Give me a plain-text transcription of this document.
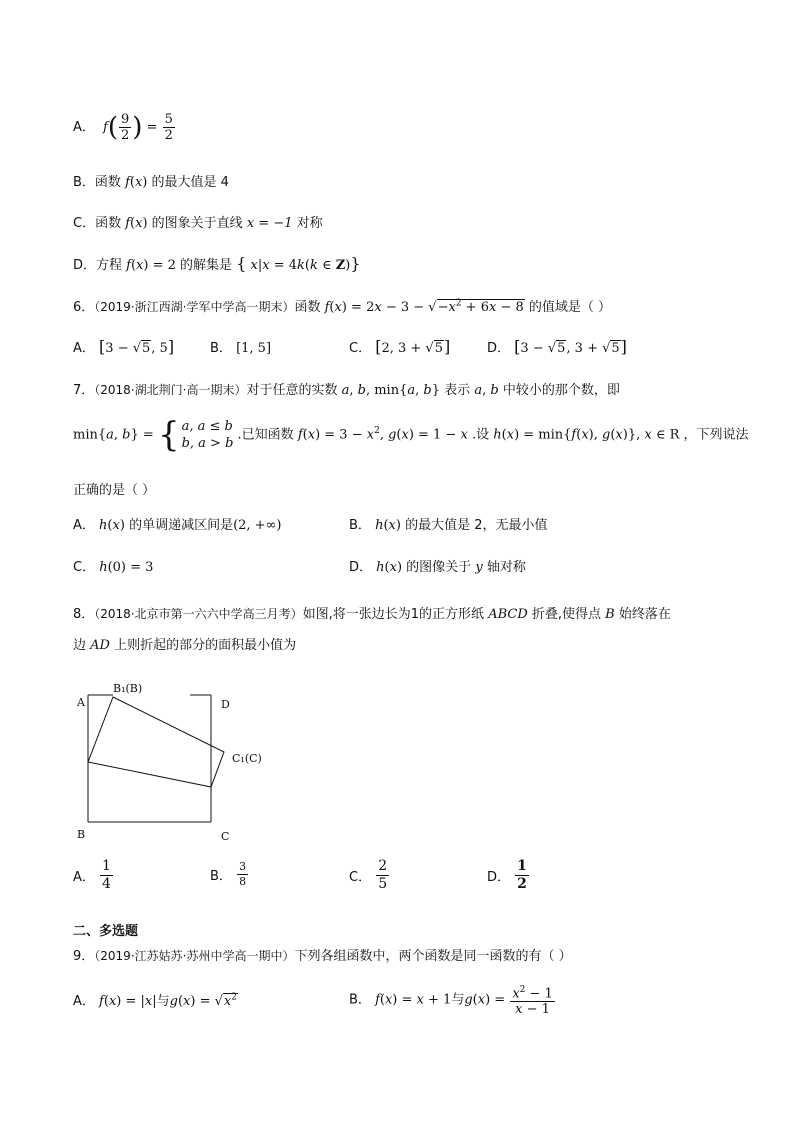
A． $f( \frac{9}{2}$ ) = $\frac{5}{2}$
B．函数 f(x) 的最大值是 4
C．函数 f(x) 的图象关于直线 x = −1 对称
D．方程 f(x) = 2 的解集是 { x|x = 4k(k ∈ Z)}
6．（2019·浙江西湖·学军中学高一期末）函数 $f(x) = 2x - 3 - √-x^2 + 6x - 8$ 的值域是（ ）
A． [3 − √5, 5]	B． [1, 5]	C． [2, 3 + √5]	D． [3 − √5, 3 + √5]
7．（2018·湖北荆门·高一期末）对于任意的实数 a, b, min{a, b} 表示 a, b 中较小的那个数，即
min{a, b} = { a, a ≤ b
b, a > b
.已知函数 $f(x) = 3 - x^2$, g(x) = 1 − x .设 h(x) = min{f(x), g(x)}, x ∈ R ，下列说法
正确的是（ ）
A． h(x) 的单调递减区间是(2, +∞)	B． h(x) 的最大值是 2，无最小值
C． h(0) = 3	D． h(x) 的图像关于 y 轴对称
8．（2018·北京市第一六六中学高三月考）如图,将一张边长为1的正方形纸 ABCD 折叠,使得点 B 始终落在
边 AD 上则折起的部分的面积最小值为
A
B₁(B)
D
C₁(C)
B	C
A． $\frac{1}{4}$	B． $\frac{3}{8}$	C． $\frac{2}{5}$	D． $\frac{1}{2}$
二、多选题
9．（2019·江苏姑苏·苏州中学高一期中）下列各组函数中，两个函数是同一函数的有（ ）
A． f(x) = |x|与$g(x) = √x^2$	B． f(x) = x + 1与$g(x) = \frac{x^2 - 1}{x - 1}$
